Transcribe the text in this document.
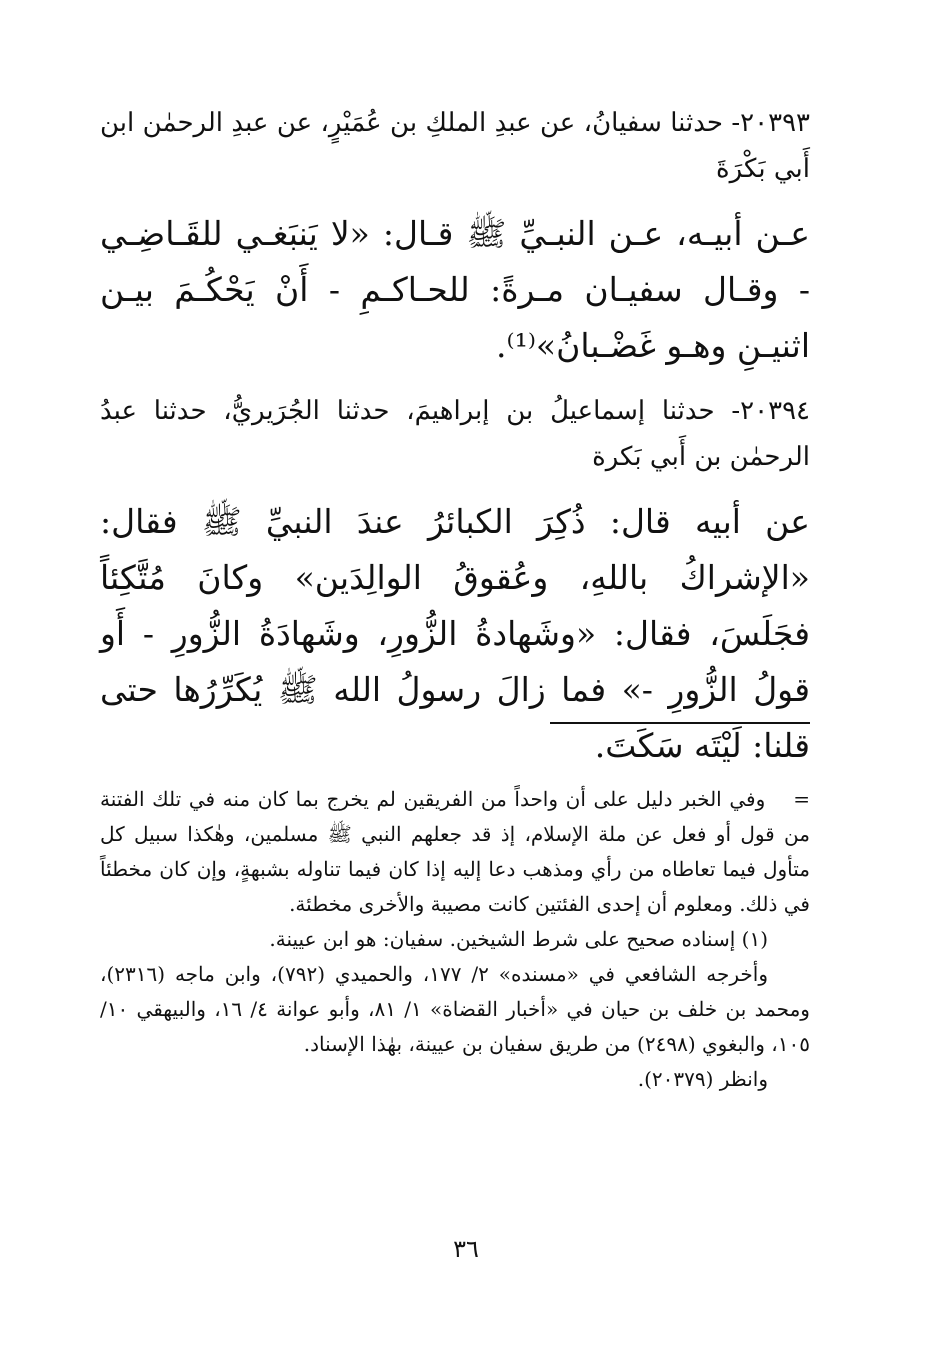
٢٠٣٩٣- حدثنا سفيانُ، عن عبدِ الملكِ بن عُمَيْرٍ، عن عبدِ الرحمٰن ابن أَبي بَكْرَةَ

عـن أبيـه، عـن النبـيِّ ﷺ قـال: «لا يَنبَغـي للقَـاضِـي - وقـال سفيـان مـرةً: للحـاكـمِ - أَنْ يَحْكُـمَ بيـن اثنيـنِ وهـو غَضْـبانُ»⁽¹⁾.

٢٠٣٩٤- حدثنا إسماعيلُ بن إبراهيمَ، حدثنا الجُرَيريُّ، حدثنا عبدُ الرحمٰن بن أَبي بَكرة

عن أبيه قال: ذُكِرَ الكبائرُ عندَ النبيِّ ﷺ فقال: «الإشراكُ باللهِ، وعُقوقُ الوالِدَين» وكانَ مُتَّكِئاً فجَلَسَ، فقال: «وشَهادةُ الزُّورِ، وشَهادَةُ الزُّورِ - أَو قولُ الزُّورِ -» فما زالَ رسولُ الله ﷺ يُكَرِّرُها حتى قلنا: لَيْتَه سَكَتَ.

=وفي الخبر دليل على أن واحداً من الفريقين لم يخرج بما كان منه في تلك الفتنة من قول أو فعل عن ملة الإسلام، إذ قد جعلهم النبي ﷺ مسلمين، وهٰكذا سبيل كل متأول فيما تعاطاه من رأي ومذهب دعا إليه إذا كان فيما تناوله بشبهةٍ، وإن كان مخطئاً في ذلك. ومعلوم أن إحدى الفئتين كانت مصيبة والأخرى مخطئة.

(١) إسناده صحيح على شرط الشيخين. سفيان: هو ابن عيينة.

وأخرجه الشافعي في «مسنده» ٢/ ١٧٧، والحميدي (٧٩٢)، وابن ماجه (٢٣١٦)، ومحمد بن خلف بن حيان في «أخبار القضاة» ١/ ٨١، وأبو عوانة ٤/ ١٦، والبيهقي ١٠/ ١٠٥، والبغوي (٢٤٩٨) من طريق سفيان بن عيينة، بهٰذا الإسناد.

وانظر (٢٠٣٧٩).

٣٦
